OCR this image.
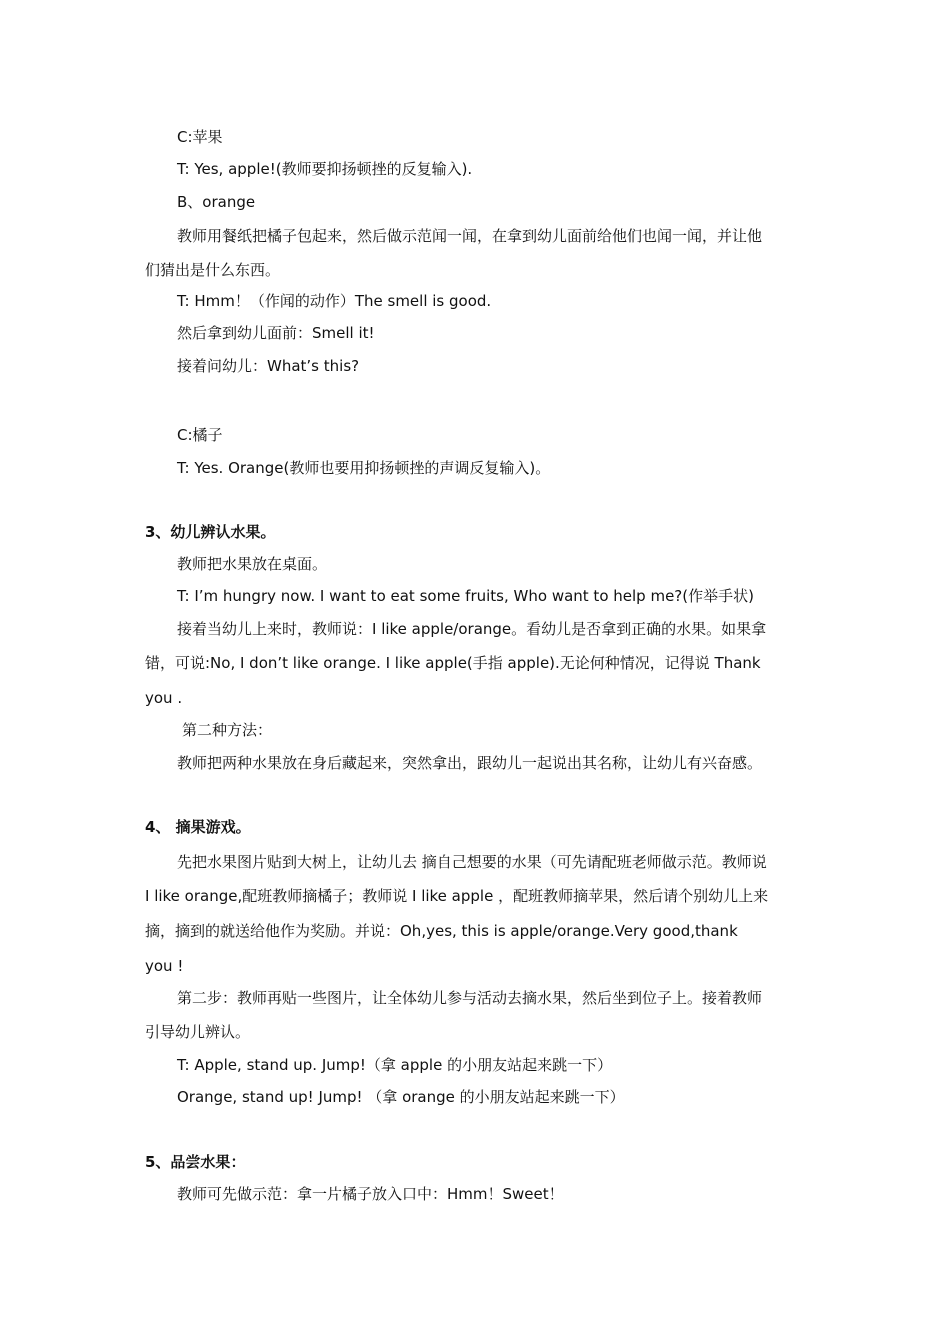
C:苹果
T: Yes, apple!(教师要抑扬顿挫的反复输入).
B、orange
教师用餐纸把橘子包起来，然后做示范闻一闻，在拿到幼儿面前给他们也闻一闻，并让他
们猜出是什么东西。
T: Hmm！（作闻的动作）The smell is good.
然后拿到幼儿面前：Smell it!
接着问幼儿：What’s this?
C:橘子
T: Yes. Orange(教师也要用抑扬顿挫的声调反复输入)。
3、幼儿辨认水果。
教师把水果放在桌面。
T: I’m hungry now. I want to eat some fruits, Who want to help me?(作举手状)
接着当幼儿上来时，教师说：I like apple/orange。看幼儿是否拿到正确的水果。如果拿
错，可说:No, I don’t like orange. I like apple(手指 apple).无论何种情况，记得说 Thank
you .
第二种方法：
教师把两种水果放在身后藏起来，突然拿出，跟幼儿一起说出其名称，让幼儿有兴奋感。
4、 摘果游戏。
先把水果图片贴到大树上，让幼儿去 摘自己想要的水果（可先请配班老师做示范。教师说
I like orange,配班教师摘橘子；教师说 I like apple ，配班教师摘苹果，然后请个别幼儿上来
摘，摘到的就送给他作为奖励。并说：Oh,yes, this is apple/orange.Very good,thank
you !
第二步：教师再贴一些图片，让全体幼儿参与活动去摘水果，然后坐到位子上。接着教师
引导幼儿辨认。
T: Apple, stand up. Jump!（拿 apple 的小朋友站起来跳一下）
Orange, stand up! Jump! （拿 orange 的小朋友站起来跳一下）
5、品尝水果：
教师可先做示范：拿一片橘子放入口中：Hmm！Sweet！
